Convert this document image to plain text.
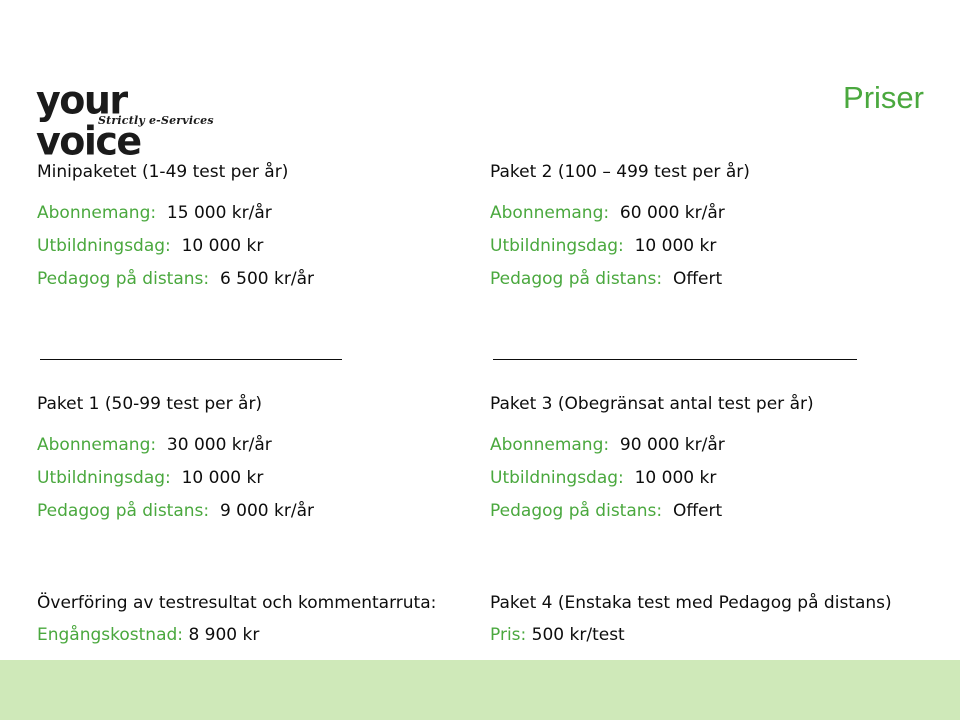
your voice
Strictly e-Services
Priser
Minipaketet (1-49 test per år)
Abonnemang: 15 000 kr/år
Utbildningsdag: 10 000 kr
Pedagog på distans: 6 500 kr/år
Paket 2 (100 – 499 test per år)
Abonnemang: 60 000 kr/år
Utbildningsdag: 10 000 kr
Pedagog på distans: Offert
Paket 1 (50-99 test per år)
Abonnemang: 30 000 kr/år
Utbildningsdag: 10 000 kr
Pedagog på distans: 9 000 kr/år
Paket 3 (Obegränsat antal test per år)
Abonnemang: 90 000 kr/år
Utbildningsdag: 10 000 kr
Pedagog på distans: Offert
Överföring av testresultat och kommentarruta:
Engångskostnad: 8 900 kr
Paket 4 (Enstaka test med Pedagog på distans)
Pris: 500 kr/test
